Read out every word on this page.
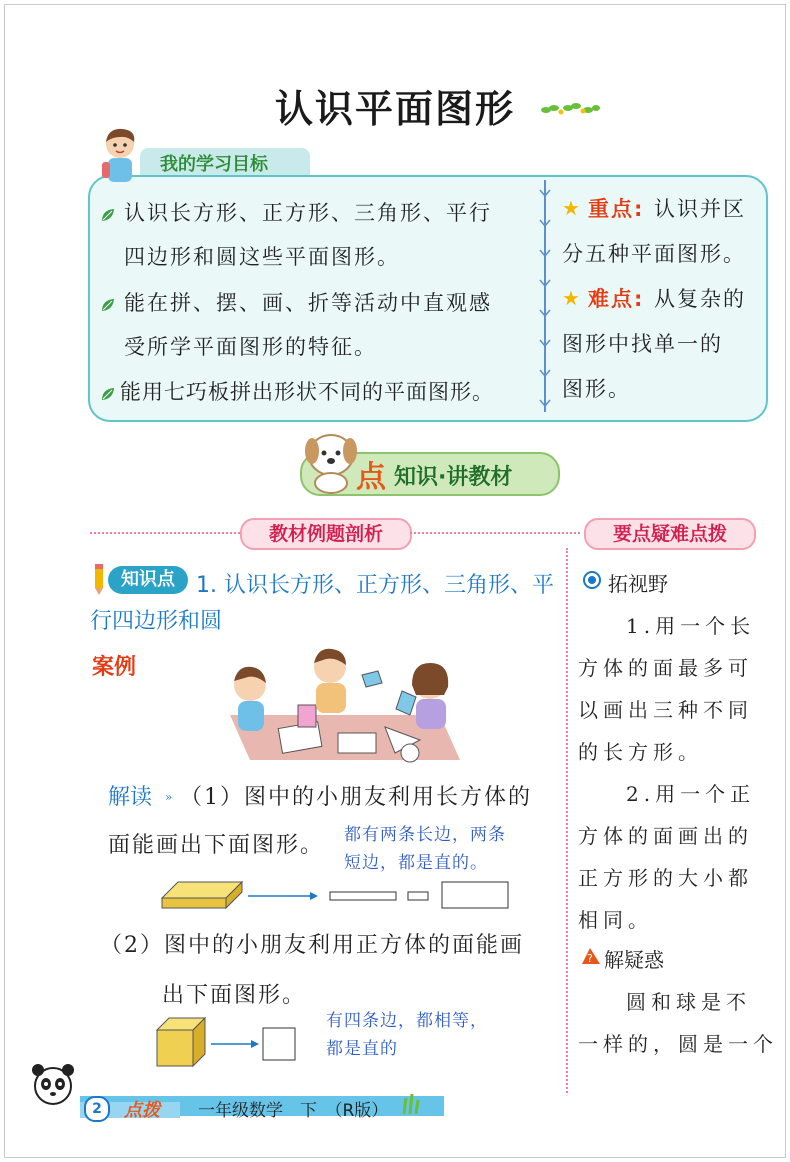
认识平面图形
我的学习目标
认识长方形、正方形、三角形、平行
四边形和圆这些平面图形。
能在拼、摆、画、折等活动中直观感
受所学平面图形的特征。
能用七巧板拼出形状不同的平面图形。
★ 重点: 认识并区
分五种平面图形。
★ 难点: 从复杂的
图形中找单一的
图形。
点 知识·讲教材
教材例题剖析	要点疑难点拨
知识点 1. 认识长方形、正方形、三角形、平
行四边形和圆
案例
解读 » （1）图中的小朋友利用长方体的
面能画出下面图形。 都有两条长边，两条
短边，都是直的。
（2）图中的小朋友利用正方体的面能画
出下面图形。
有四条边，都相等，
都是直的
拓视野
1.用一个长
方体的面最多可
以画出三种不同
的长方形。
2.用一个正
方体的面画出的
正方形的大小都
相同。
? 解疑惑
圆和球是不
一样的，圆是一个
2	点拨 一年级数学　下　（R版）
